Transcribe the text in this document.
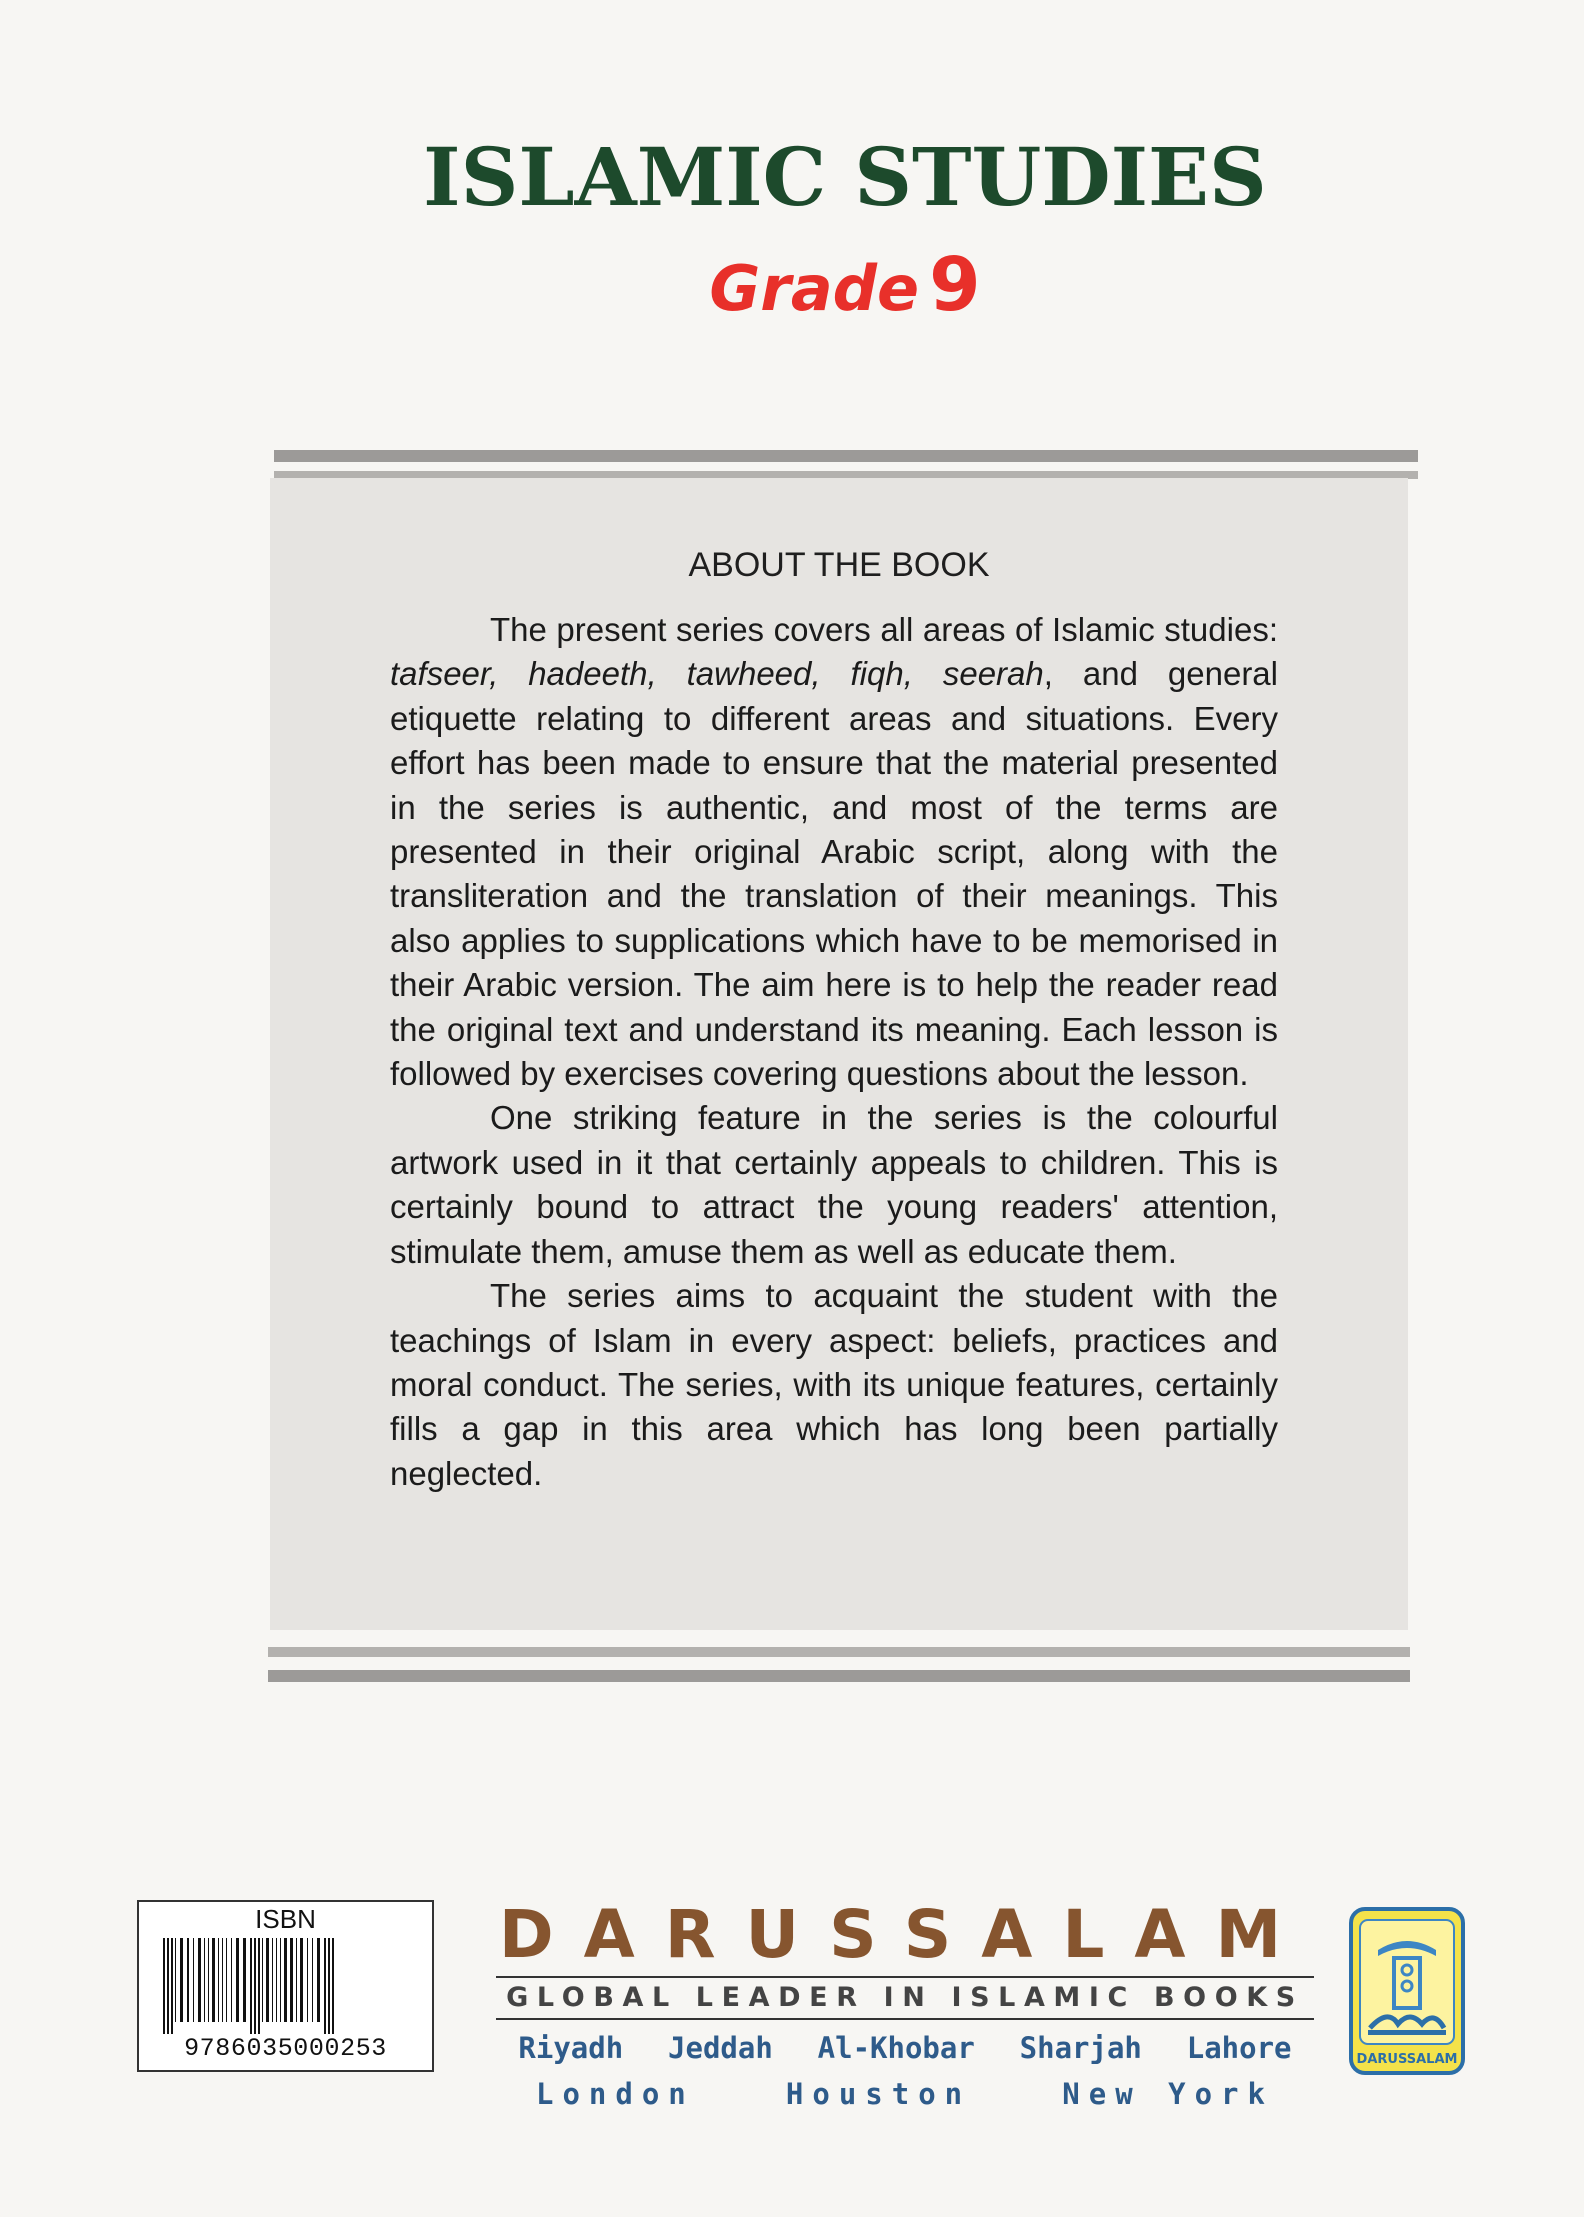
ISLAMIC STUDIES
Grade 9
ABOUT THE BOOK

The present series covers all areas of Islamic studies: tafseer, hadeeth, tawheed, fiqh, seerah, and general etiquette relating to different areas and situations. Every effort has been made to ensure that the material presented in the series is authentic, and most of the terms are presented in their original Arabic script, along with the transliteration and the translation of their meanings. This also applies to supplications which have to be memorised in their Arabic version. The aim here is to help the reader read the original text and understand its meaning. Each lesson is followed by exercises covering questions about the lesson.

One striking feature in the series is the colourful artwork used in it that certainly appeals to children. This is certainly bound to attract the young readers' attention, stimulate them, amuse them as well as educate them.

The series aims to acquaint the student with the teachings of Islam in every aspect: beliefs, practices and moral conduct. The series, with its unique features, certainly fills a gap in this area which has long been partially neglected.

ISBN
9786035000253
DARUSSALAM
GLOBAL LEADER IN ISLAMIC BOOKS
Riyadh Jeddah Al-Khobar Sharjah Lahore
London	Houston	New York
DARUSSALAM
